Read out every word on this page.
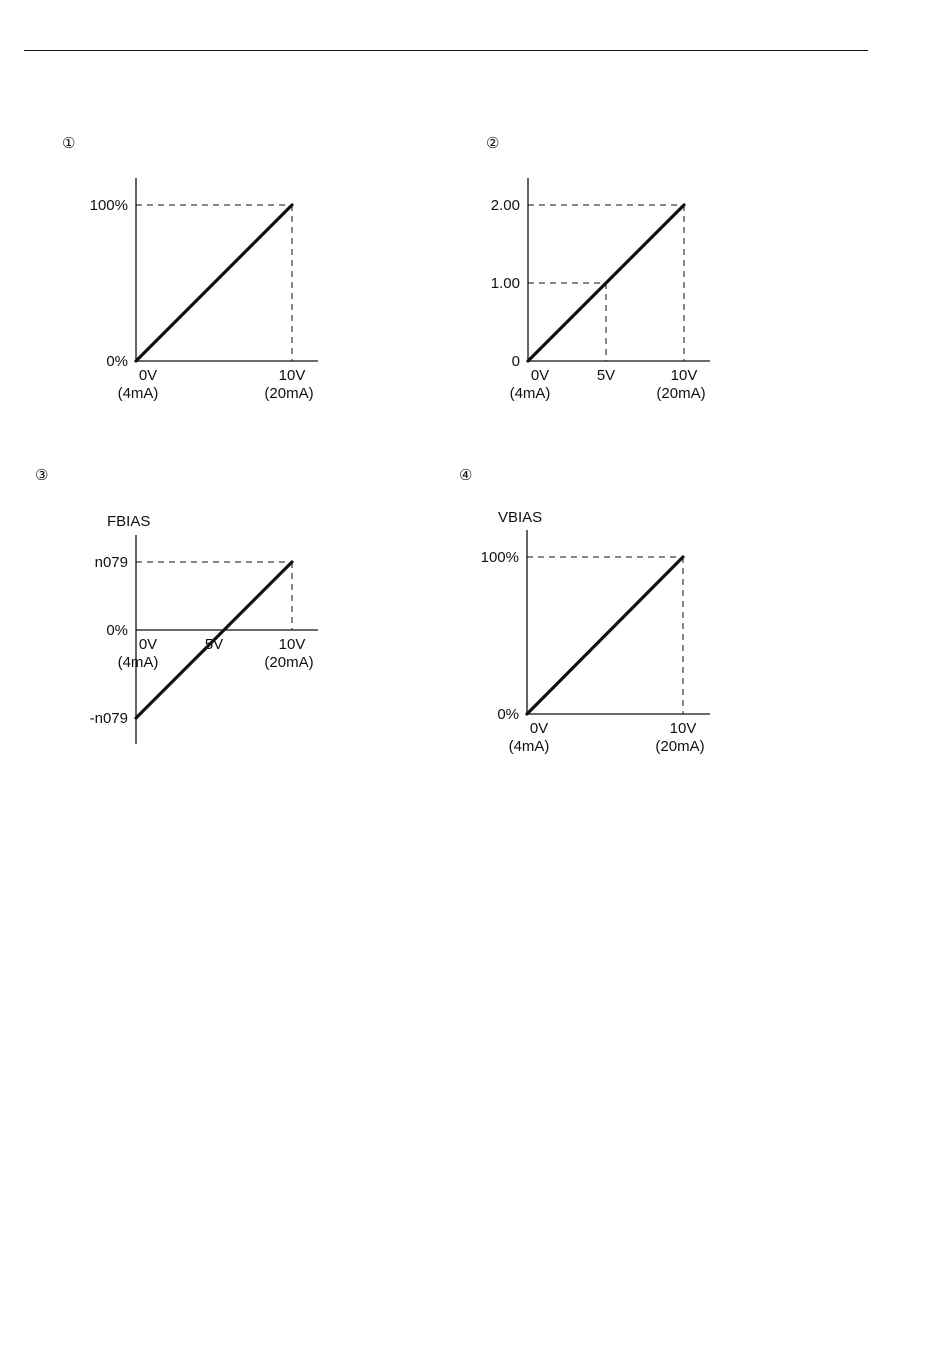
①
0%
100%
0V
(4mA)
10V
(20mA)
0
1.00
2.00
0V
(4mA)
5V	10V
(20mA)
-n079
0%
n079
0V
(4mA)
5V	10V
(20mA)
FBIAS
0%
100%
0V
(4mA)
10V
(20mA)
VBIAS
②
③	④
